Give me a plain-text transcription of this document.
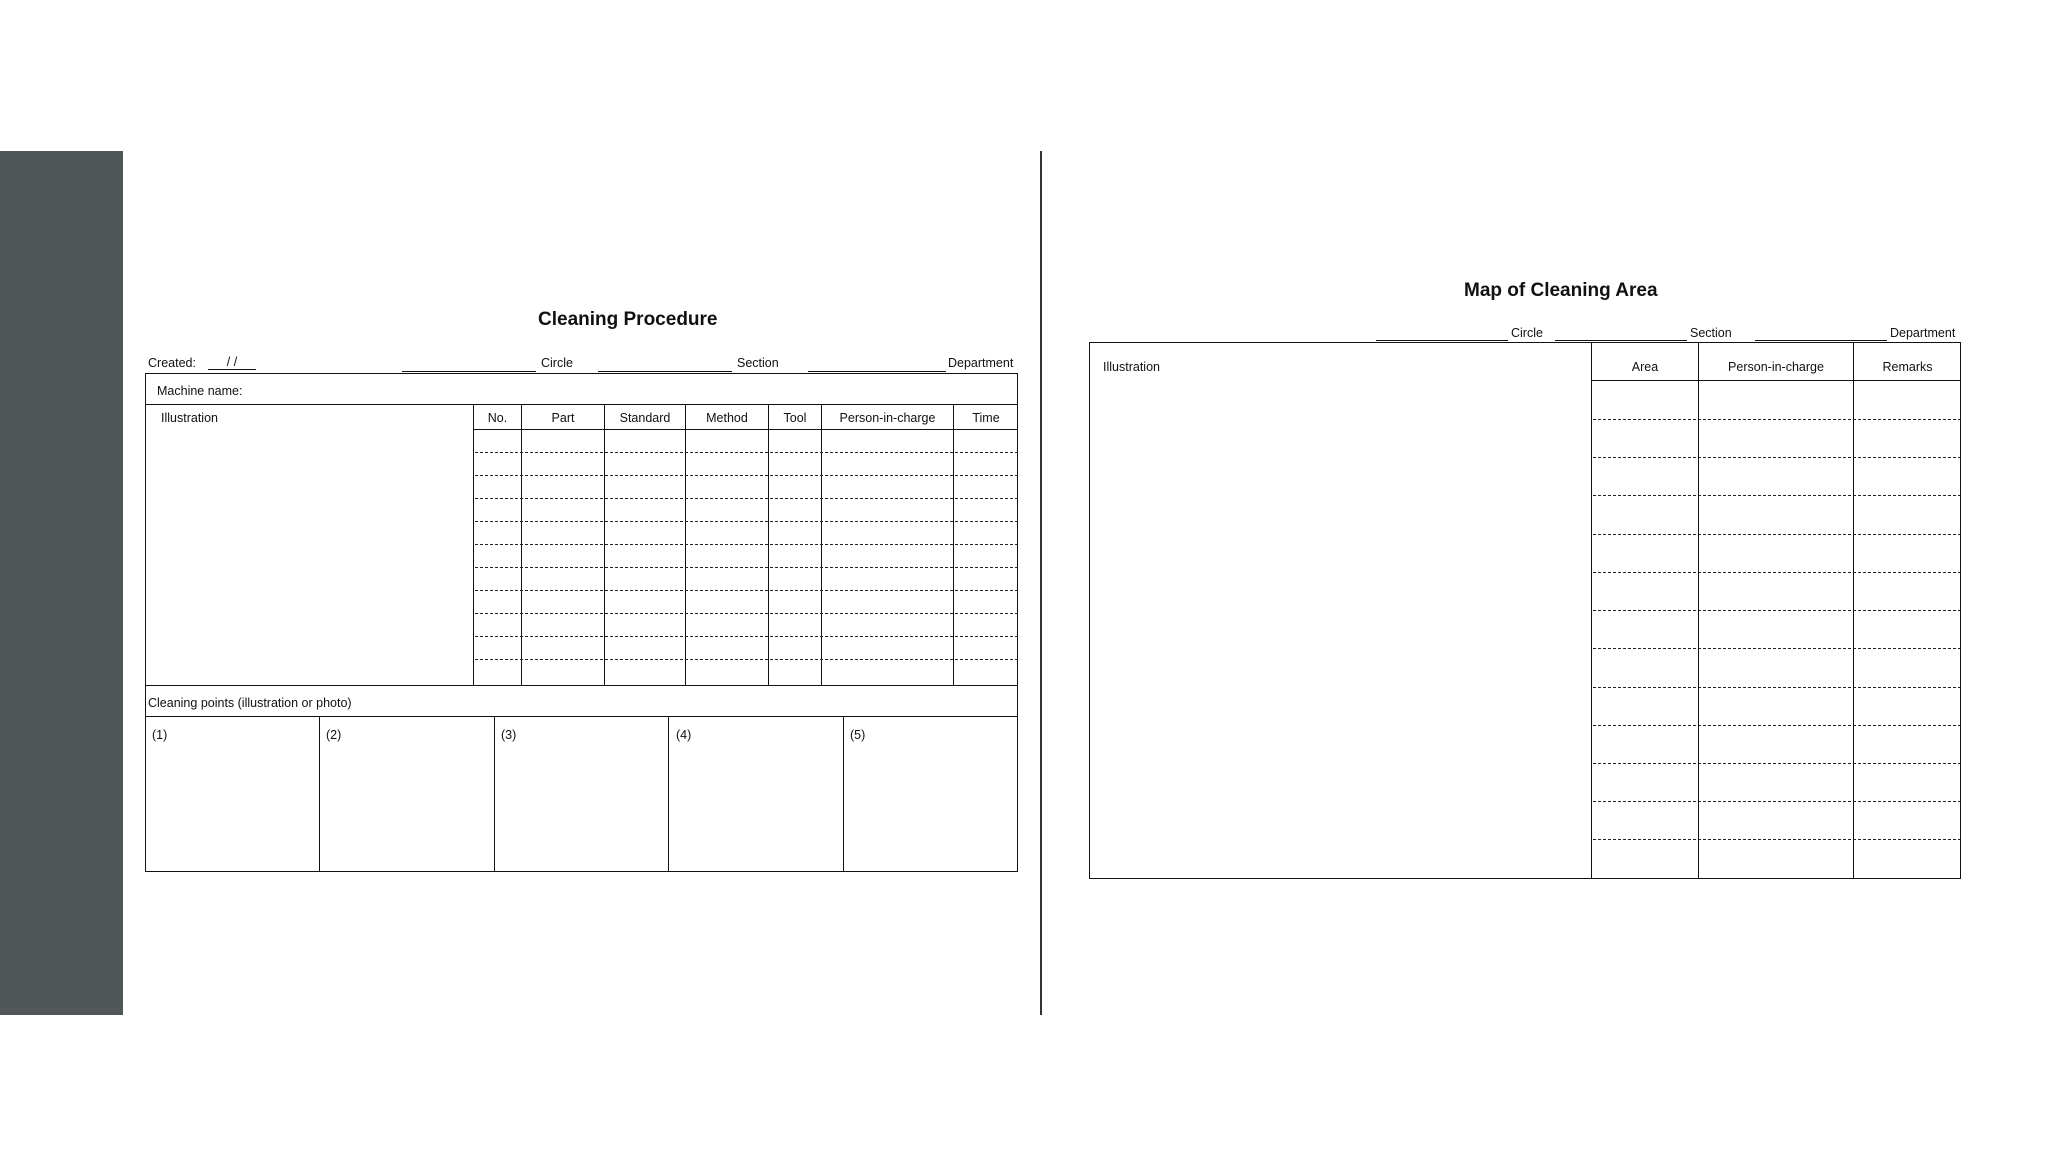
Cleaning Procedure
Created:	/ /	Circle	Section	Department
Machine name:
Illustration	No.	Part	Standard	Method	Tool	Person-in-charge	Time
Cleaning points (illustration or photo)
(1)	(2)	(3)	(4)	(5)
Map of Cleaning Area
Circle	Section	Department
Illustration	Area	Person-in-charge	Remarks
